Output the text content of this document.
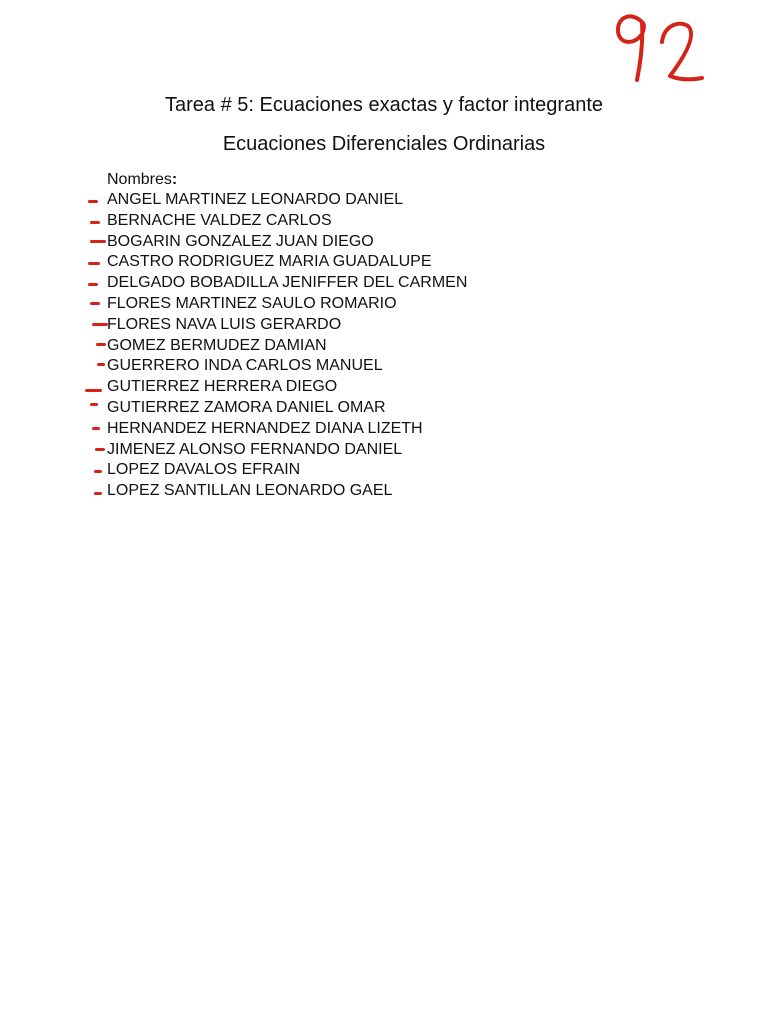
Tarea # 5: Ecuaciones exactas y factor integrante
Ecuaciones Diferenciales Ordinarias

Nombres:

ANGEL MARTINEZ LEONARDO DANIEL
BERNACHE VALDEZ CARLOS
BOGARIN GONZALEZ JUAN DIEGO
CASTRO RODRIGUEZ MARIA GUADALUPE
DELGADO BOBADILLA JENIFFER DEL CARMEN
FLORES MARTINEZ SAULO ROMARIO
FLORES NAVA LUIS GERARDO
GOMEZ BERMUDEZ DAMIAN
GUERRERO INDA CARLOS MANUEL
GUTIERREZ HERRERA DIEGO
GUTIERREZ ZAMORA DANIEL OMAR
HERNANDEZ HERNANDEZ DIANA LIZETH
JIMENEZ ALONSO FERNANDO DANIEL
LOPEZ DAVALOS EFRAIN
LOPEZ SANTILLAN LEONARDO GAEL
